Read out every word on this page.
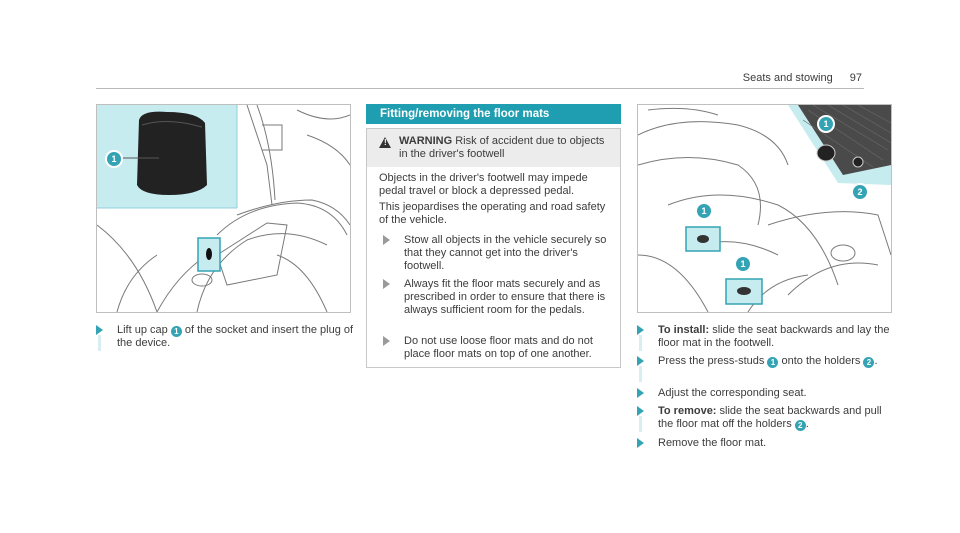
Seats and stowing 97
1
Lift up cap 1 of the socket and insert the plug of the device.
Fitting/removing the floor mats
! WARNING Risk of accident due to objects in the driver's footwell

Objects in the driver's footwell may impede pedal travel or block a depressed pedal.

This jeopardises the operating and road safety of the vehicle.

Stow all objects in the vehicle securely so that they cannot get into the driver's footwell.
Always fit the floor mats securely and as prescribed in order to ensure that there is always sufficient room for the pedals.
Do not use loose floor mats and do not place floor mats on top of one another.
1
2
1
1
To install: slide the seat backwards and lay the floor mat in the footwell.
Press the press-studs 1 onto the holders 2 .
Adjust the corresponding seat.
To remove: slide the seat backwards and pull the floor mat off the holders 2 .
Remove the floor mat.
